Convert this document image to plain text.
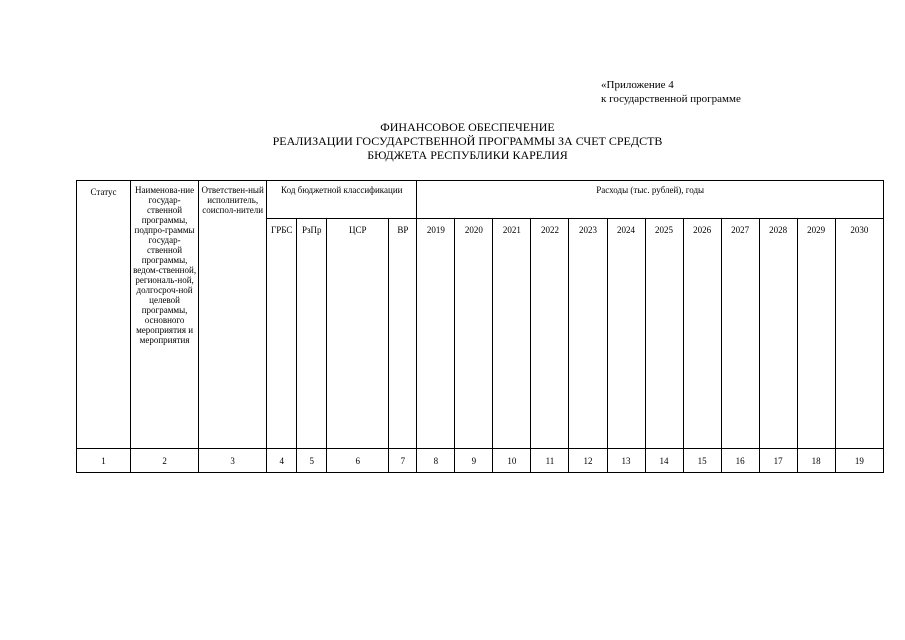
«Приложение 4
к государственной программе
ФИНАНСОВОЕ ОБЕСПЕЧЕНИЕ
РЕАЛИЗАЦИИ ГОСУДАРСТВЕННОЙ ПРОГРАММЫ ЗА СЧЕТ СРЕДСТВ
БЮДЖЕТА РЕСПУБЛИКИ КАРЕЛИЯ
Статус	Наименова-ние государ-ственной программы, подпро-граммы государ-ственной программы, ведом-ственной, региональ-ной, долгосроч-ной целевой программы, основного мероприятия и мероприятия	Ответствен-ный исполнитель, соиспол-нители	Код бюджетной классификации				Расходы (тыс. рублей), годы											
			ГРБС	РзПр	ЦСР	ВР	2019	2020	2021	2022	2023	2024	2025	2026	2027	2028	2029	2030
1	2	3	4	5	6	7	8	9	10	11	12	13	14	15	16	17	18	19
